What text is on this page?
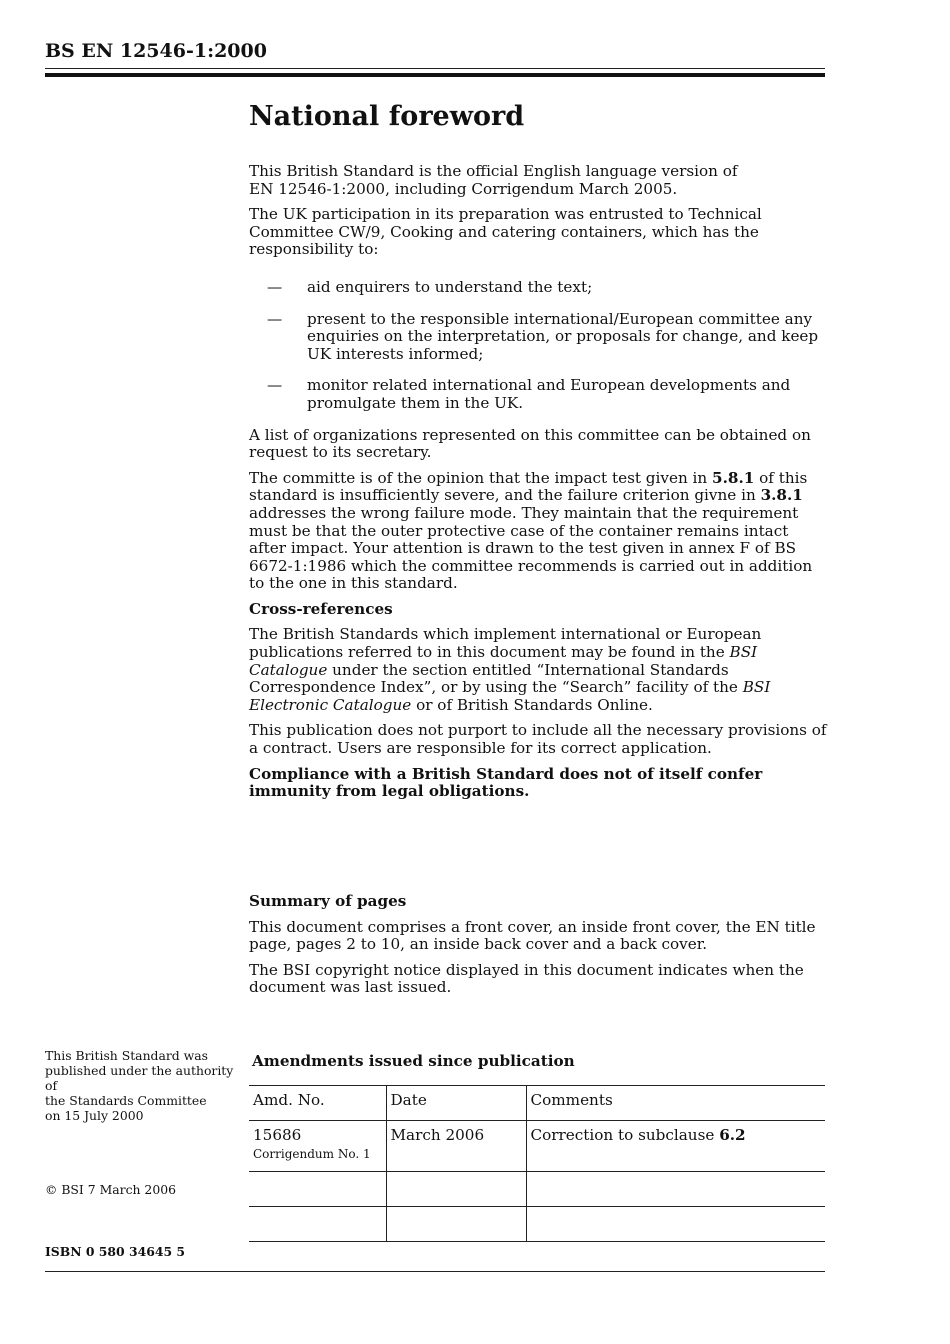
BS EN 12546-1:2000
National foreword

This British Standard is the official English language version of
EN 12546-1:2000, including Corrigendum March 2005.

The UK participation in its preparation was entrusted to Technical Committee CW/9, Cooking and catering containers, which has the responsibility to:

— aid enquirers to understand the text;
— present to the responsible international/European committee any enquiries on the interpretation, or proposals for change, and keep UK interests informed;
— monitor related international and European developments and promulgate them in the UK.

A list of organizations represented on this committee can be obtained on request to its secretary.

The committe is of the opinion that the impact test given in 5.8.1 of this standard is insufficiently severe, and the failure criterion givne in 3.8.1 addresses the wrong failure mode. They maintain that the requirement must be that the outer protective case of the container remains intact after impact. Your attention is drawn to the test given in annex F of BS 6672-1:1986 which the committee recommends is carried out in addition to the one in this standard.

Cross-references

The British Standards which implement international or European publications referred to in this document may be found in the BSI Catalogue under the section entitled “International Standards Correspondence Index”, or by using the “Search” facility of the BSI Electronic Catalogue or of British Standards Online.

This publication does not purport to include all the necessary provisions of a contract. Users are responsible for its correct application.

Compliance with a British Standard does not of itself confer immunity from legal obligations.

Summary of pages

This document comprises a front cover, an inside front cover, the EN title page, pages 2 to 10, an inside back cover and a back cover.

The BSI copyright notice displayed in this document indicates when the document was last issued.

This British Standard was
published under the authority of
the Standards Committee
on 15 July 2000
© BSI 7 March 2006
ISBN 0 580 34645 5
Amendments issued since publication
Amd. No.	Date	Comments
15686
Corrigendum No. 1	March 2006	Correction to subclause 6.2
